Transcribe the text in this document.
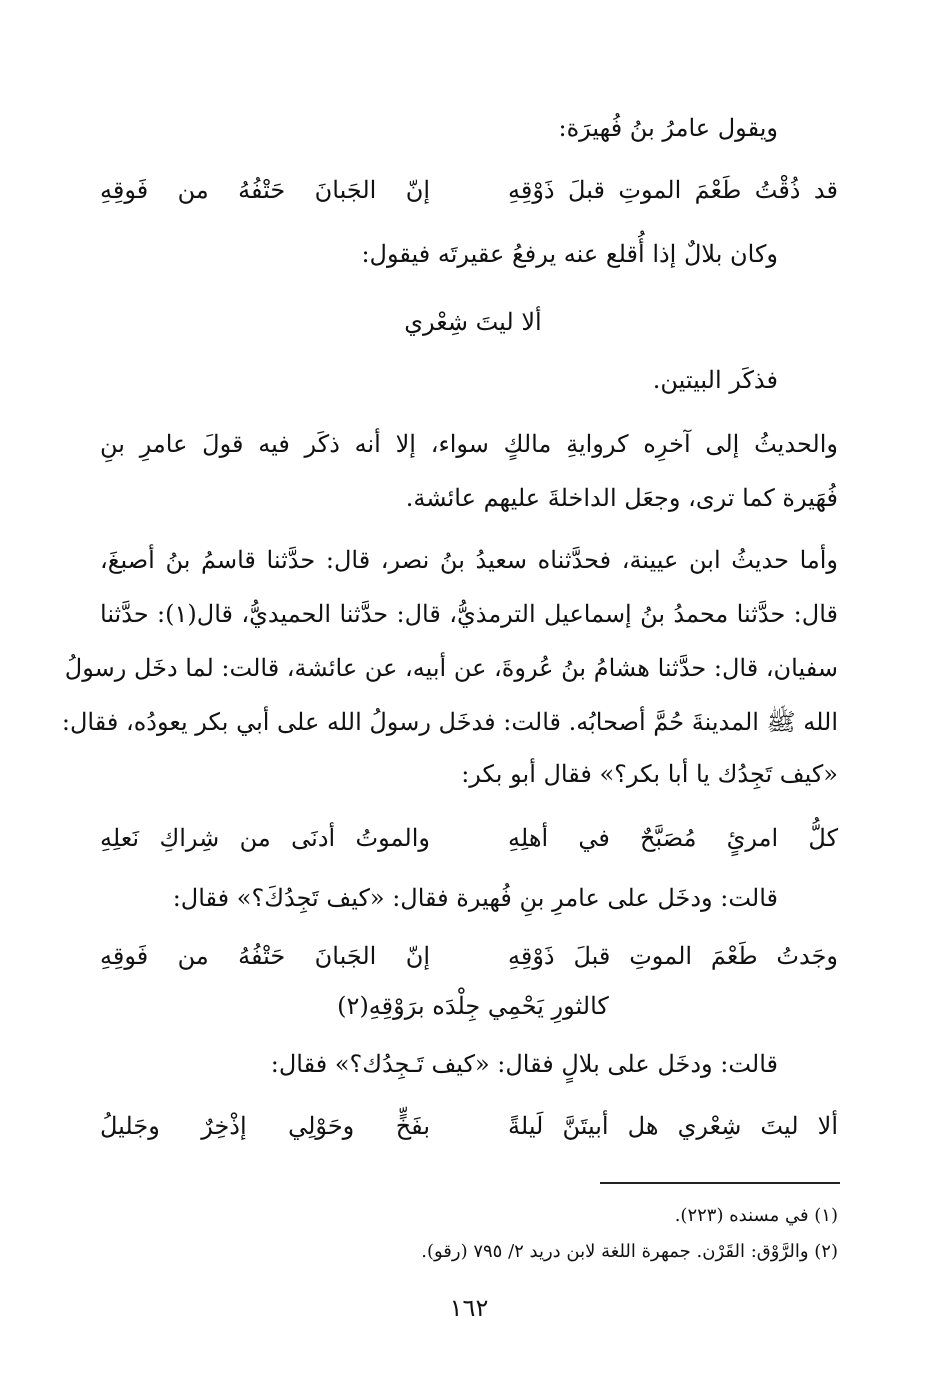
ويقول عامرُ بنُ فُهيرَة:
قد ذُقْتُ طَعْمَ الموتِ قبلَ ذَوْقِهِ
إنّ الجَبانَ حَتْفُهُ من فَوقِهِ
وكان بلالٌ إذا أُقلع عنه يرفعُ عقيرتَه فيقول:
ألا ليتَ شِعْري
فذكَر البيتين.
والحديثُ إلى آخرِه كروايةِ مالكٍ سواء، إلا أنه ذكَر فيه قولَ عامرِ بنِ
فُهَيرة كما ترى، وجعَل الداخلةَ عليهم عائشة.
وأما حديثُ ابن عيينة، فحدَّثناه سعيدُ بنُ نصر، قال: حدَّثنا قاسمُ بنُ أصبغَ،
قال: حدَّثنا محمدُ بنُ إسماعيل الترمذيُّ، قال: حدَّثنا الحميديُّ، قال(١): حدَّثنا
سفيان، قال: حدَّثنا هشامُ بنُ عُروةَ، عن أبيه، عن عائشة، قالت: لما دخَل رسولُ
الله ﷺ المدينةَ حُمَّ أصحابُه. قالت: فدخَل رسولُ الله على أبي بكر يعودُه، فقال:
«كيف تَجِدُك يا أبا بكر؟» فقال أبو بكر:
كلُّ امرئٍ مُصَبَّحٌ في أهلِهِ
والموتُ أدنَى من شِراكِ نَعلِهِ
قالت: ودخَل على عامرِ بنِ فُهيرة فقال: «كيف تَجِدُكَ؟» فقال:
وجَدتُ طَعْمَ الموتِ قبلَ ذَوْقِهِ
إنّ الجَبانَ حَتْفُهُ من فَوقِهِ
كالثورِ يَحْمِي جِلْدَه برَوْقِهِ(٢)
قالت: ودخَل على بلالٍ فقال: «كيف تَـجِدُك؟» فقال:
ألا ليتَ شِعْري هل أبيتَنَّ لَيلةً
بفَخٍّ وحَوْلِي إذْخِرٌ وجَليلُ
(١) في مسنده (٢٢٣).
(٢) والرَّوْق: القَرْن. جمهرة اللغة لابن دريد ٢/ ٧٩٥ (رقو).
١٦٢
